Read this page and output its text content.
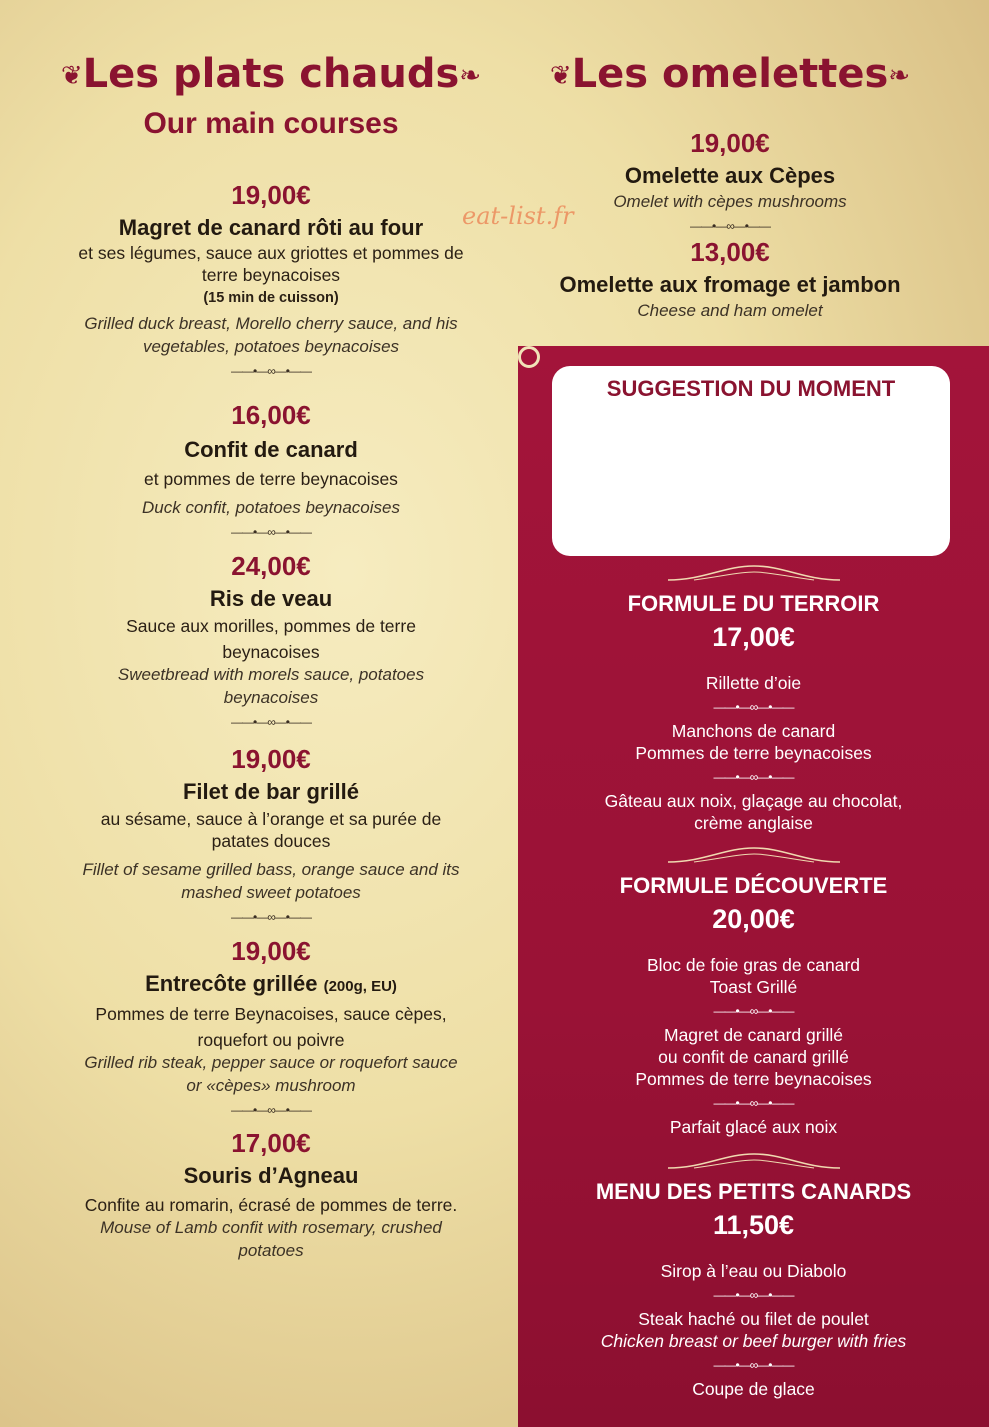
❦Les plats chauds❧
Our main courses
19,00€
Magret de canard rôti au four
et ses légumes, sauce aux griottes et pommes de
terre beynacoises
(15 min de cuisson)
Grilled duck breast, Morello cherry sauce, and his
vegetables, potatoes beynacoises
——•—∞—•——
16,00€
Confit de canard
et pommes de terre beynacoises
Duck confit, potatoes beynacoises
——•—∞—•——
24,00€
Ris de veau
Sauce aux morilles, pommes de terre
beynacoises
Sweetbread with morels sauce, potatoes
beynacoises
——•—∞—•——
19,00€
Filet de bar grillé
au sésame, sauce à l’orange et sa purée de
patates douces
Fillet of sesame grilled bass, orange sauce and its
mashed sweet potatoes
——•—∞—•——
19,00€
Entrecôte grillée (200g, EU)
Pommes de terre Beynacoises, sauce cèpes,
roquefort ou poivre
Grilled rib steak, pepper sauce or roquefort sauce
or «cèpes» mushroom
——•—∞—•——
17,00€
Souris d’Agneau
Confite au romarin, écrasé de pommes de terre.
Mouse of Lamb confit with rosemary, crushed
potatoes
eat-list.fr
❦Les omelettes❧
19,00€
Omelette aux Cèpes
Omelet with cèpes mushrooms
——•—∞—•——
13,00€
Omelette aux fromage et jambon
Cheese and ham omelet
SUGGESTION DU MOMENT
FORMULE DU TERROIR
17,00€
Rillette d’oie
——•—∞—•——
Manchons de canard
Pommes de terre beynacoises
——•—∞—•——
Gâteau aux noix, glaçage au chocolat,
crème anglaise
FORMULE DÉCOUVERTE
20,00€
Bloc de foie gras de canard
Toast Grillé
——•—∞—•——
Magret de canard grillé
ou confit de canard grillé
Pommes de terre beynacoises
——•—∞—•——
Parfait glacé aux noix
MENU DES PETITS CANARDS
11,50€
Sirop à l’eau ou Diabolo
——•—∞—•——
Steak haché ou filet de poulet
Chicken breast or beef burger with fries
——•—∞—•——
Coupe de glace
